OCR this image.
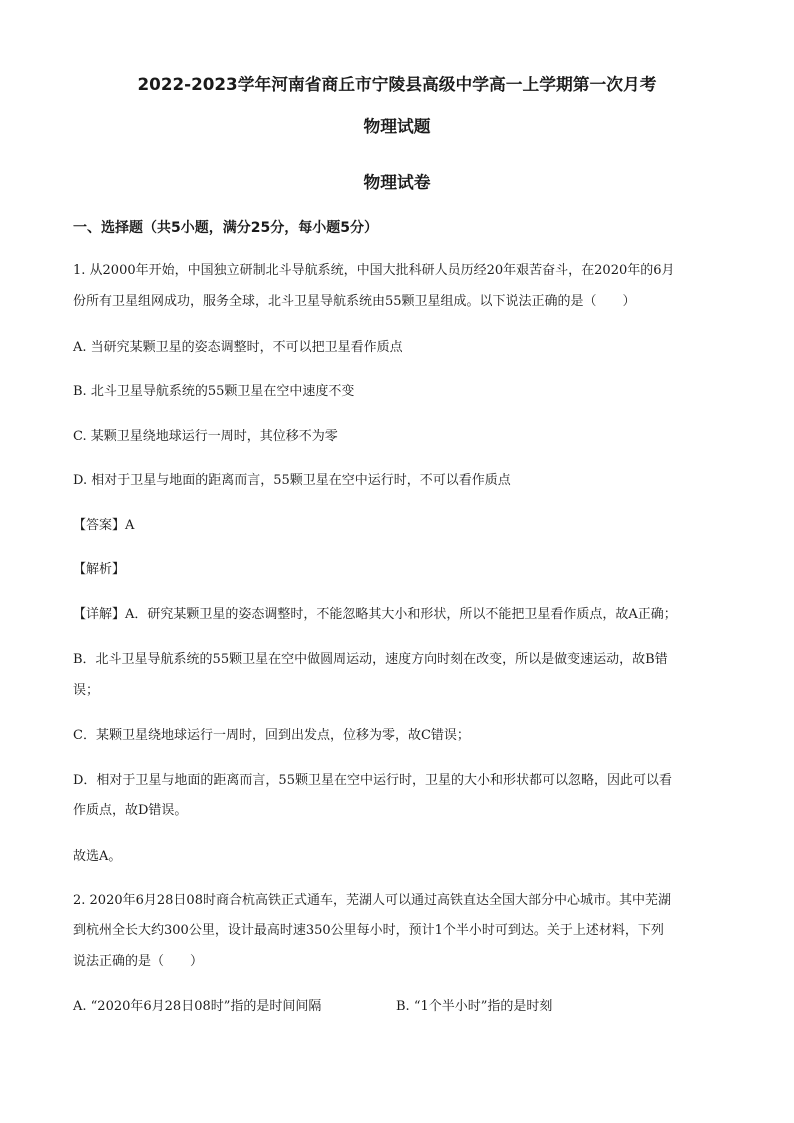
2022-2023学年河南省商丘市宁陵县高级中学高一上学期第一次月考
物理试题
物理试卷
一、选择题（共5小题，满分25分，每小题5分）
1. 从2000年开始，中国独立研制北斗导航系统，中国大批科研人员历经20年艰苦奋斗，在2020年的6月
份所有卫星组网成功，服务全球，北斗卫星导航系统由55颗卫星组成。以下说法正确的是（　　）
A. 当研究某颗卫星的姿态调整时，不可以把卫星看作质点
B. 北斗卫星导航系统的55颗卫星在空中速度不变
C. 某颗卫星绕地球运行一周时，其位移不为零
D. 相对于卫星与地面的距离而言，55颗卫星在空中运行时，不可以看作质点
【答案】A
【解析】
【详解】A．研究某颗卫星的姿态调整时，不能忽略其大小和形状，所以不能把卫星看作质点，故A正确；
B．北斗卫星导航系统的55颗卫星在空中做圆周运动，速度方向时刻在改变，所以是做变速运动，故B错
误；
C．某颗卫星绕地球运行一周时，回到出发点，位移为零，故C错误；
D．相对于卫星与地面的距离而言，55颗卫星在空中运行时，卫星的大小和形状都可以忽略，因此可以看
作质点，故D错误。
故选A。
2. 2020年6月28日08时商合杭高铁正式通车，芜湖人可以通过高铁直达全国大部分中心城市。其中芜湖
到杭州全长大约300公里，设计最高时速350公里每小时，预计1个半小时可到达。关于上述材料，下列
说法正确的是（　　）
A. “2020年6月28日08时”指的是时间间隔	B. “1个半小时”指的是时刻
